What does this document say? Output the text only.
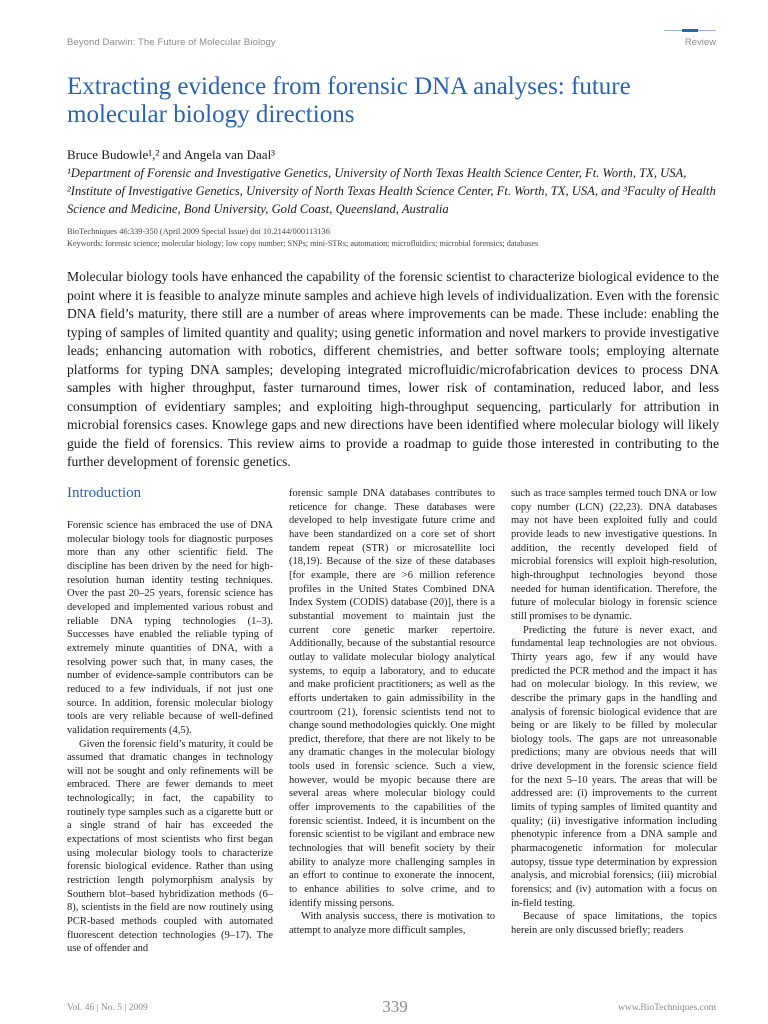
Beyond Darwin: The Future of Molecular Biology	Review
Extracting evidence from forensic DNA analyses: future molecular biology directions
Bruce Budowle¹,² and Angela van Daal³
¹Department of Forensic and Investigative Genetics, University of North Texas Health Science Center, Ft. Worth, TX, USA, ²Institute of Investigative Genetics, University of North Texas Health Science Center, Ft. Worth, TX, USA, and ³Faculty of Health Science and Medicine, Bond University, Gold Coast, Queensland, Australia
BioTechniques 46:339-350 (April 2009 Special Issue) doi 10.2144/000113136
Keywords: forensic science; molecular biology; low copy number; SNPs; mini-STRs; automation; microfluidics; microbial forensics; databases

Molecular biology tools have enhanced the capability of the forensic scientist to characterize biological evidence to the point where it is feasible to analyze minute samples and achieve high levels of individualization. Even with the forensic DNA field’s maturity, there still are a number of areas where improvements can be made. These include: enabling the typing of samples of limited quantity and quality; using genetic information and novel markers to provide investigative leads; enhancing automation with robotics, different chemistries, and better software tools; employing alternate platforms for typing DNA samples; developing integrated microfluidic/microfabrication devices to process DNA samples with higher throughput, faster turnaround times, lower risk of contamination, reduced labor, and less consumption of evidentiary samples; and exploiting high-throughput sequencing, particularly for attribution in microbial forensics cases. Knowlege gaps and new directions have been identified where molecular biology will likely guide the field of forensics. This review aims to provide a roadmap to guide those interested in contributing to the further development of forensic genetics.

Introduction

Forensic science has embraced the use of DNA molecular biology tools for diagnostic purposes more than any other scientific field. The discipline has been driven by the need for high-resolution human identity testing techniques. Over the past 20–25 years, forensic science has developed and implemented various robust and reliable DNA typing technologies (1–3). Successes have enabled the reliable typing of extremely minute quantities of DNA, with a resolving power such that, in many cases, the number of evidence-sample contributors can be reduced to a few individuals, if not just one source. In addition, forensic molecular biology tools are very reliable because of well-defined validation requirements (4,5).

Given the forensic field’s maturity, it could be assumed that dramatic changes in technology will not be sought and only refinements will be embraced. There are fewer demands to meet technologically; in fact, the capability to routinely type samples such as a cigarette butt or a single strand of hair has exceeded the expectations of most scientists who first began using molecular biology tools to characterize forensic biological evidence. Rather than using restriction length polymorphism analysis by Southern blot–based hybridization methods (6–8), scientists in the field are now routinely using PCR-based methods coupled with automated fluorescent detection technologies (9–17). The use of offender and

forensic sample DNA databases contributes to reticence for change. These databases were developed to help investigate future crime and have been standardized on a core set of short tandem repeat (STR) or microsatellite loci (18,19). Because of the size of these databases [for example, there are >6 million reference profiles in the United States Combined DNA Index System (CODIS) database (20)], there is a substantial movement to maintain just the current core genetic marker repertoire. Additionally, because of the substantial resource outlay to validate molecular biology analytical systems, to equip a laboratory, and to educate and make proficient practitioners; as well as the efforts undertaken to gain admissibility in the courtroom (21), forensic scientists tend not to change sound methodologies quickly. One might predict, therefore, that there are not likely to be any dramatic changes in the molecular biology tools used in forensic science. Such a view, however, would be myopic because there are several areas where molecular biology could offer improvements to the capabilities of the forensic scientist. Indeed, it is incumbent on the forensic scientist to be vigilant and embrace new technologies that will benefit society by their ability to analyze more challenging samples in an effort to continue to exonerate the innocent, to enhance abilities to solve crime, and to identify missing persons.

With analysis success, there is motivation to attempt to analyze more difficult samples,

such as trace samples termed touch DNA or low copy number (LCN) (22,23). DNA databases may not have been exploited fully and could provide leads to new investigative questions. In addition, the recently developed field of microbial forensics will exploit high-resolution, high-throughput technologies beyond those needed for human identification. Therefore, the future of molecular biology in forensic science still promises to be dynamic.

Predicting the future is never exact, and fundamental leap technologies are not obvious. Thirty years ago, few if any would have predicted the PCR method and the impact it has had on molecular biology. In this review, we describe the primary gaps in the handling and analysis of forensic biological evidence that are being or are likely to be filled by molecular biology tools. The gaps are not unreasonable predictions; many are obvious needs that will drive development in the forensic science field for the next 5–10 years. The areas that will be addressed are: (i) improvements to the current limits of typing samples of limited quantity and quality; (ii) investigative information including phenotypic inference from a DNA sample and pharmacogenetic information for molecular autopsy, tissue type determination by expression analysis, and microbial forensics; (iii) microbial forensics; and (iv) automation with a focus on in-field testing.

Because of space limitations, the topics herein are only discussed briefly; readers

Vol. 46 | No. 5 | 2009	339	www.BioTechniques.com
